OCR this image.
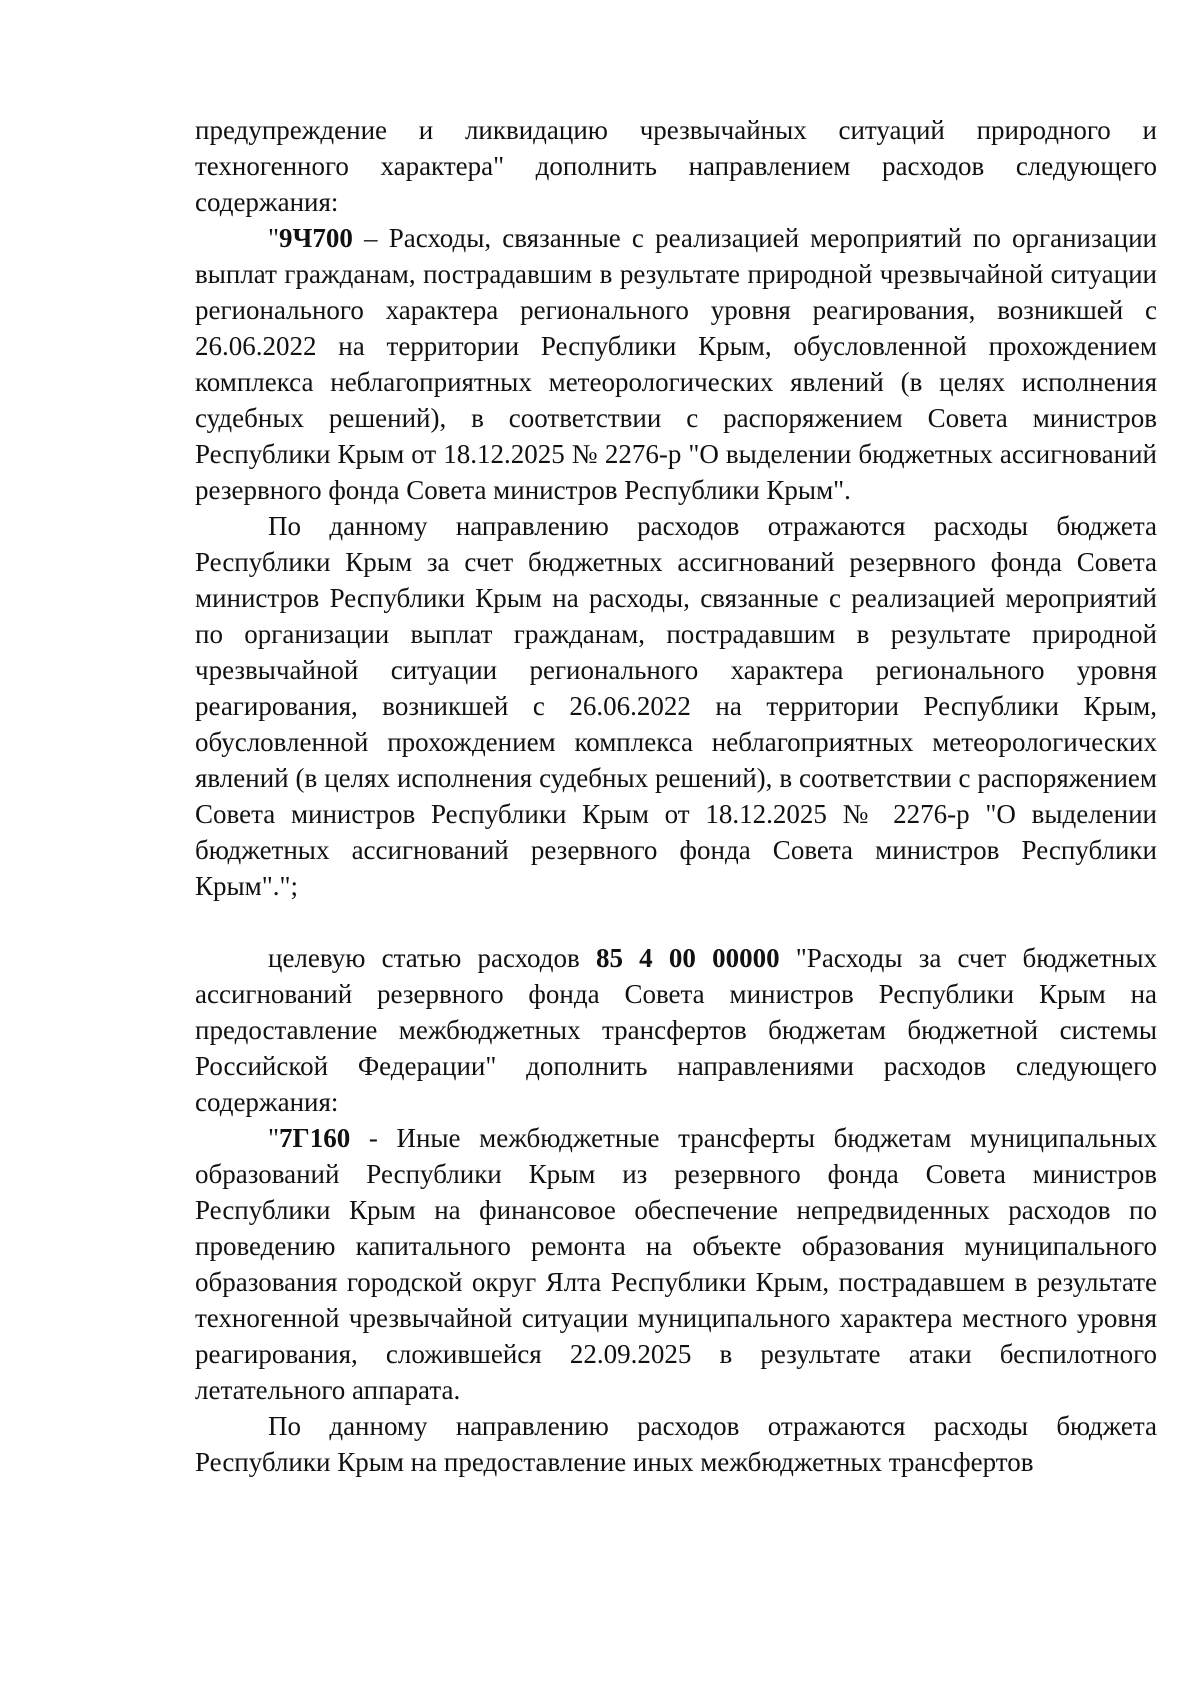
предупреждение и ликвидацию чрезвычайных ситуаций природного и техногенного характера" дополнить направлением расходов следующего содержания:

"9Ч700 – Расходы, связанные с реализацией мероприятий по организации выплат гражданам, пострадавшим в результате природной чрезвычайной ситуации регионального характера регионального уровня реагирования, возникшей с 26.06.2022 на территории Республики Крым, обусловленной прохождением комплекса неблагоприятных метеорологических явлений (в целях исполнения судебных решений), в соответствии с распоряжением Совета министров Республики Крым от 18.12.2025 № 2276-р "О выделении бюджетных ассигнований резервного фонда Совета министров Республики Крым".

По данному направлению расходов отражаются расходы бюджета Республики Крым за счет бюджетных ассигнований резервного фонда Совета министров Республики Крым на расходы, связанные с реализацией мероприятий по организации выплат гражданам, пострадавшим в результате природной чрезвычайной ситуации регионального характера регионального уровня реагирования, возникшей с 26.06.2022 на территории Республики Крым, обусловленной прохождением комплекса неблагоприятных метеорологических явлений (в целях исполнения судебных решений), в соответствии с распоряжением Совета министров Республики Крым от 18.12.2025 № 2276-р "О выделении бюджетных ассигнований резервного фонда Совета министров Республики Крым".";

целевую статью расходов 85 4 00 00000 "Расходы за счет бюджетных ассигнований резервного фонда Совета министров Республики Крым на предоставление межбюджетных трансфертов бюджетам бюджетной системы Российской Федерации" дополнить направлениями расходов следующего содержания:

"7Г160 - Иные межбюджетные трансферты бюджетам муниципальных образований Республики Крым из резервного фонда Совета министров Республики Крым на финансовое обеспечение непредвиденных расходов по проведению капитального ремонта на объекте образования муниципального образования городской округ Ялта Республики Крым, пострадавшем в результате техногенной чрезвычайной ситуации муниципального характера местного уровня реагирования, сложившейся 22.09.2025 в результате атаки беспилотного летательного аппарата.

По данному направлению расходов отражаются расходы бюджета Республики Крым на предоставление иных межбюджетных трансфертов
